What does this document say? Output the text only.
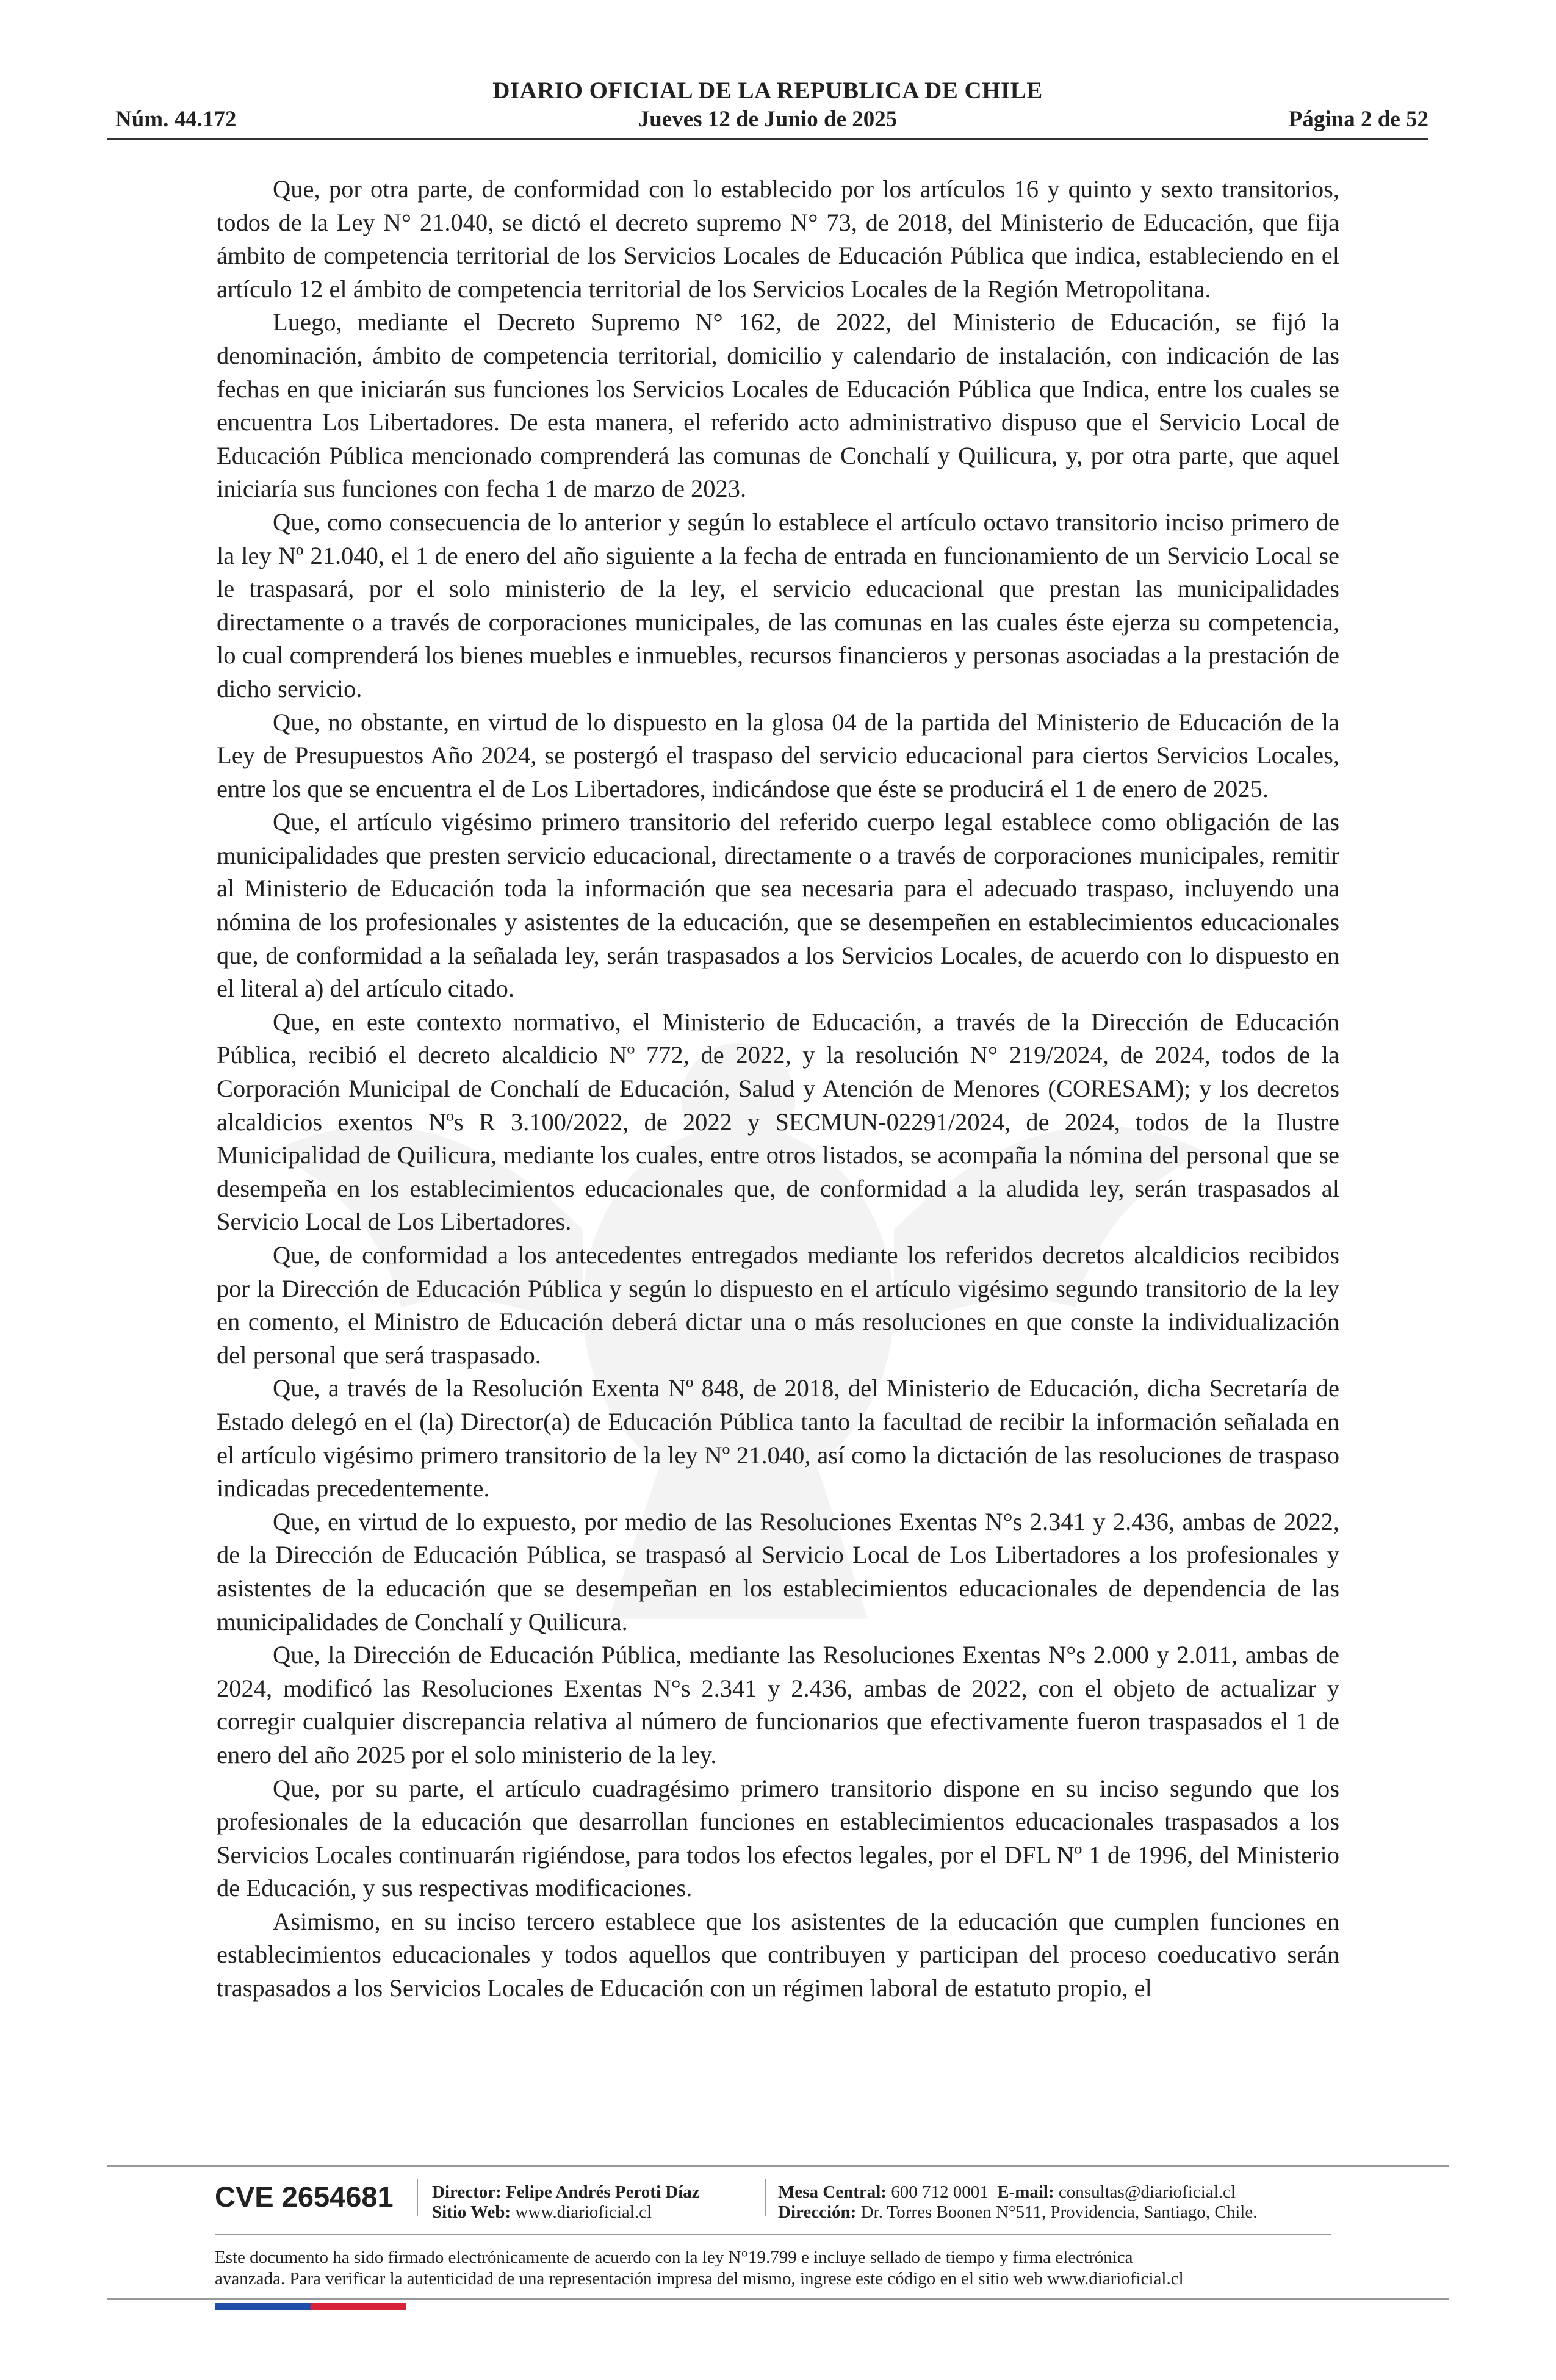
DIARIO OFICIAL DE LA REPUBLICA DE CHILE
Núm. 44.172	Jueves 12 de Junio de 2025	Página 2 de 52

Que, por otra parte, de conformidad con lo establecido por los artículos 16 y quinto y sexto transitorios, todos de la Ley N° 21.040, se dictó el decreto supremo N° 73, de 2018, del Ministerio de Educación, que fija ámbito de competencia territorial de los Servicios Locales de Educación Pública que indica, estableciendo en el artículo 12 el ámbito de competencia territorial de los Servicios Locales de la Región Metropolitana.

Luego, mediante el Decreto Supremo N° 162, de 2022, del Ministerio de Educación, se fijó la denominación, ámbito de competencia territorial, domicilio y calendario de instalación, con indicación de las fechas en que iniciarán sus funciones los Servicios Locales de Educación Pública que Indica, entre los cuales se encuentra Los Libertadores. De esta manera, el referido acto administrativo dispuso que el Servicio Local de Educación Pública mencionado comprenderá las comunas de Conchalí y Quilicura, y, por otra parte, que aquel iniciaría sus funciones con fecha 1 de marzo de 2023.

Que, como consecuencia de lo anterior y según lo establece el artículo octavo transitorio inciso primero de la ley Nº 21.040, el 1 de enero del año siguiente a la fecha de entrada en funcionamiento de un Servicio Local se le traspasará, por el solo ministerio de la ley, el servicio educacional que prestan las municipalidades directamente o a través de corporaciones municipales, de las comunas en las cuales éste ejerza su competencia, lo cual comprenderá los bienes muebles e inmuebles, recursos financieros y personas asociadas a la prestación de dicho servicio.

Que, no obstante, en virtud de lo dispuesto en la glosa 04 de la partida del Ministerio de Educación de la Ley de Presupuestos Año 2024, se postergó el traspaso del servicio educacional para ciertos Servicios Locales, entre los que se encuentra el de Los Libertadores, indicándose que éste se producirá el 1 de enero de 2025.

Que, el artículo vigésimo primero transitorio del referido cuerpo legal establece como obligación de las municipalidades que presten servicio educacional, directamente o a través de corporaciones municipales, remitir al Ministerio de Educación toda la información que sea necesaria para el adecuado traspaso, incluyendo una nómina de los profesionales y asistentes de la educación, que se desempeñen en establecimientos educacionales que, de conformidad a la señalada ley, serán traspasados a los Servicios Locales, de acuerdo con lo dispuesto en el literal a) del artículo citado.

Que, en este contexto normativo, el Ministerio de Educación, a través de la Dirección de Educación Pública, recibió el decreto alcaldicio Nº 772, de 2022, y la resolución N° 219/2024, de 2024, todos de la Corporación Municipal de Conchalí de Educación, Salud y Atención de Menores (CORESAM); y los decretos alcaldicios exentos Nºs R 3.100/2022, de 2022 y SECMUN-02291/2024, de 2024, todos de la Ilustre Municipalidad de Quilicura, mediante los cuales, entre otros listados, se acompaña la nómina del personal que se desempeña en los establecimientos educacionales que, de conformidad a la aludida ley, serán traspasados al Servicio Local de Los Libertadores.

Que, de conformidad a los antecedentes entregados mediante los referidos decretos alcaldicios recibidos por la Dirección de Educación Pública y según lo dispuesto en el artículo vigésimo segundo transitorio de la ley en comento, el Ministro de Educación deberá dictar una o más resoluciones en que conste la individualización del personal que será traspasado.

Que, a través de la Resolución Exenta Nº 848, de 2018, del Ministerio de Educación, dicha Secretaría de Estado delegó en el (la) Director(a) de Educación Pública tanto la facultad de recibir la información señalada en el artículo vigésimo primero transitorio de la ley Nº 21.040, así como la dictación de las resoluciones de traspaso indicadas precedentemente.

Que, en virtud de lo expuesto, por medio de las Resoluciones Exentas N°s 2.341 y 2.436, ambas de 2022, de la Dirección de Educación Pública, se traspasó al Servicio Local de Los Libertadores a los profesionales y asistentes de la educación que se desempeñan en los establecimientos educacionales de dependencia de las municipalidades de Conchalí y Quilicura.

Que, la Dirección de Educación Pública, mediante las Resoluciones Exentas N°s 2.000 y 2.011, ambas de 2024, modificó las Resoluciones Exentas N°s 2.341 y 2.436, ambas de 2022, con el objeto de actualizar y corregir cualquier discrepancia relativa al número de funcionarios que efectivamente fueron traspasados el 1 de enero del año 2025 por el solo ministerio de la ley.

Que, por su parte, el artículo cuadragésimo primero transitorio dispone en su inciso segundo que los profesionales de la educación que desarrollan funciones en establecimientos educacionales traspasados a los Servicios Locales continuarán rigiéndose, para todos los efectos legales, por el DFL Nº 1 de 1996, del Ministerio de Educación, y sus respectivas modificaciones.

Asimismo, en su inciso tercero establece que los asistentes de la educación que cumplen funciones en establecimientos educacionales y todos aquellos que contribuyen y participan del proceso coeducativo serán traspasados a los Servicios Locales de Educación con un régimen laboral de estatuto propio, el

CVE 2654681 Director: Felipe Andrés Peroti Díaz
Sitio Web: www.diarioficial.cl
Mesa Central: 600 712 0001 E-mail: consultas@diarioficial.cl
Dirección: Dr. Torres Boonen N°511, Providencia, Santiago, Chile.
Este documento ha sido firmado electrónicamente de acuerdo con la ley N°19.799 e incluye sellado de tiempo y firma electrónica
avanzada. Para verificar la autenticidad de una representación impresa del mismo, ingrese este código en el sitio web www.diarioficial.cl
